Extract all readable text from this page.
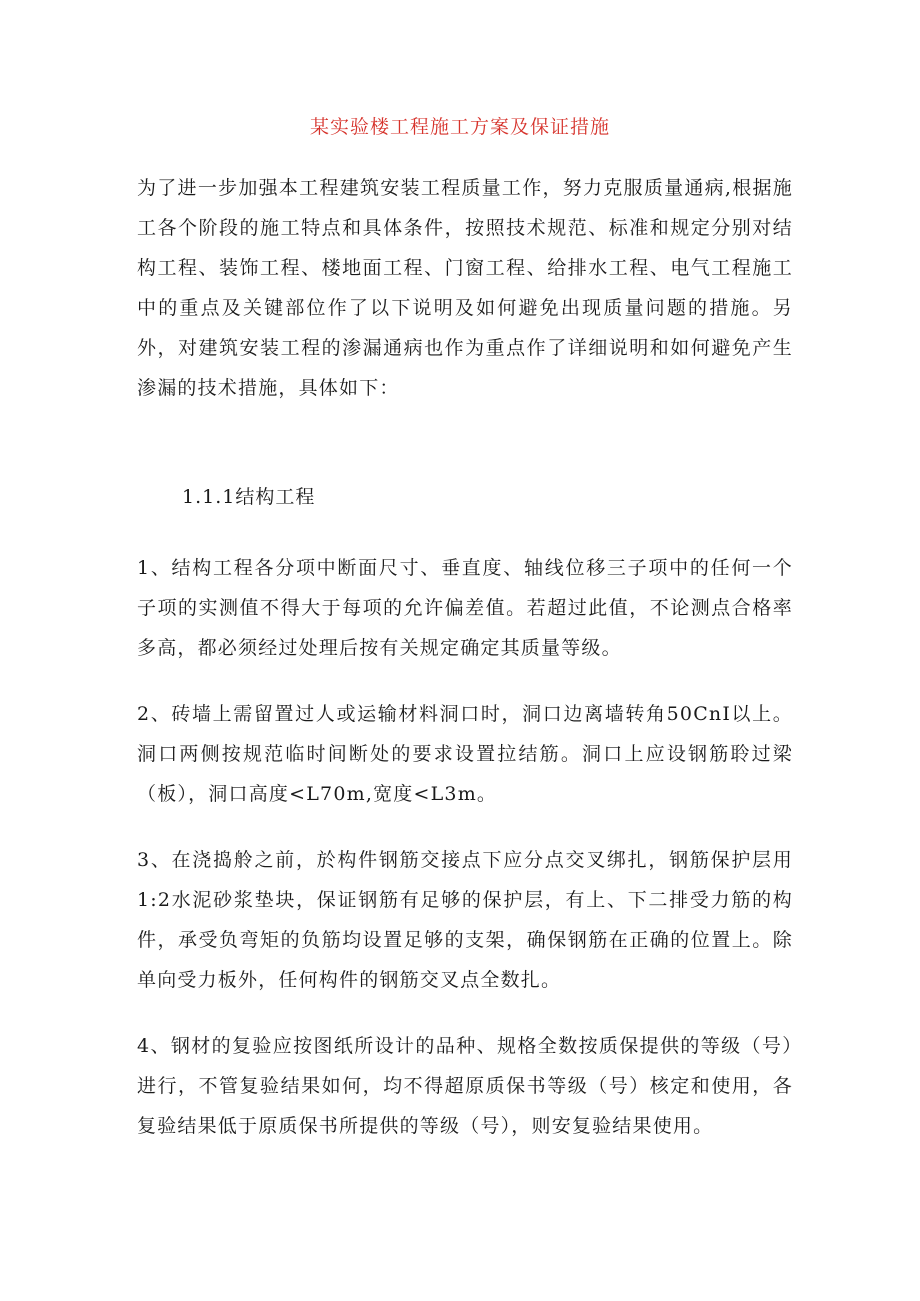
某实验楼工程施工方案及保证措施

为了进一步加强本工程建筑安装工程质量工作，努力克服质量通病,根据施工各个阶段的施工特点和具体条件，按照技术规范、标准和规定分别对结构工程、装饰工程、楼地面工程、门窗工程、给排水工程、电气工程施工中的重点及关键部位作了以下说明及如何避免出现质量问题的措施。另外，对建筑安装工程的渗漏通病也作为重点作了详细说明和如何避免产生渗漏的技术措施，具体如下：

1.1.1结构工程

1、结构工程各分项中断面尺寸、垂直度、轴线位移三子项中的任何一个子项的实测值不得大于每项的允许偏差值。若超过此值，不论测点合格率多高，都必须经过处理后按有关规定确定其质量等级。

2、砖墙上需留置过人或运输材料洞口时，洞口边离墙转角50CnI以上。洞口两侧按规范临时间断处的要求设置拉结筋。洞口上应设钢筋聆过梁（板），洞口高度<L70m,宽度<L3m。

3、在浇捣舲之前，於构件钢筋交接点下应分点交叉绑扎，钢筋保护层用1:2水泥砂浆垫块，保证钢筋有足够的保护层，有上、下二排受力筋的构件，承受负弯矩的负筋均设置足够的支架，确保钢筋在正确的位置上。除单向受力板外，任何构件的钢筋交叉点全数扎。

4、钢材的复验应按图纸所设计的品种、规格全数按质保提供的等级（号）进行，不管复验结果如何，均不得超原质保书等级（号）核定和使用，各复验结果低于原质保书所提供的等级（号），则安复验结果使用。
